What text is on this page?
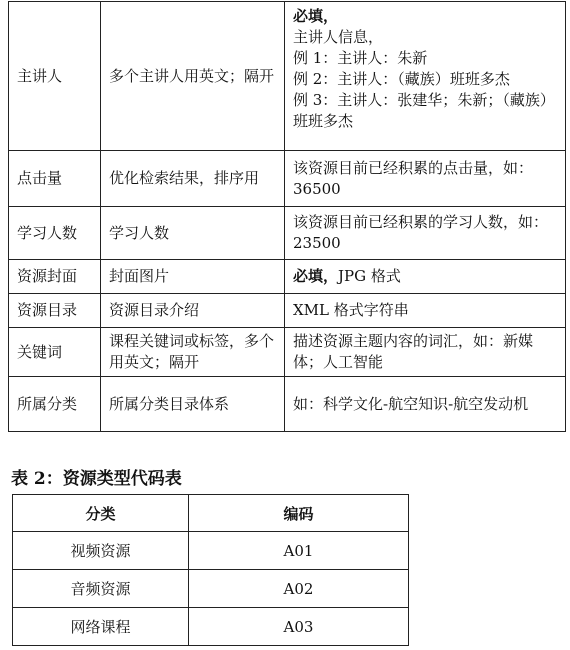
主讲人	多个主讲人用英文；隔开	必填，
主讲人信息，
例 1：主讲人：朱新
例 2：主讲人：（藏族）班班多杰
例 3：主讲人：张建华；朱新；（藏族）班班多杰

点击量	优化检索结果，排序用	该资源目前已经积累的点击量，如：36500
学习人数	学习人数	该资源目前已经积累的学习人数，如：23500
资源封面	封面图片	必填，JPG 格式
资源目录	资源目录介绍	XML 格式字符串
关键词	课程关键词或标签，多个用英文；隔开	描述资源主题内容的词汇，如：新媒体；人工智能
所属分类	所属分类目录体系	如：科学文化-航空知识-航空发动机
表 2：资源类型代码表
分类	编码
视频资源	A01
音频资源	A02
网络课程	A03
